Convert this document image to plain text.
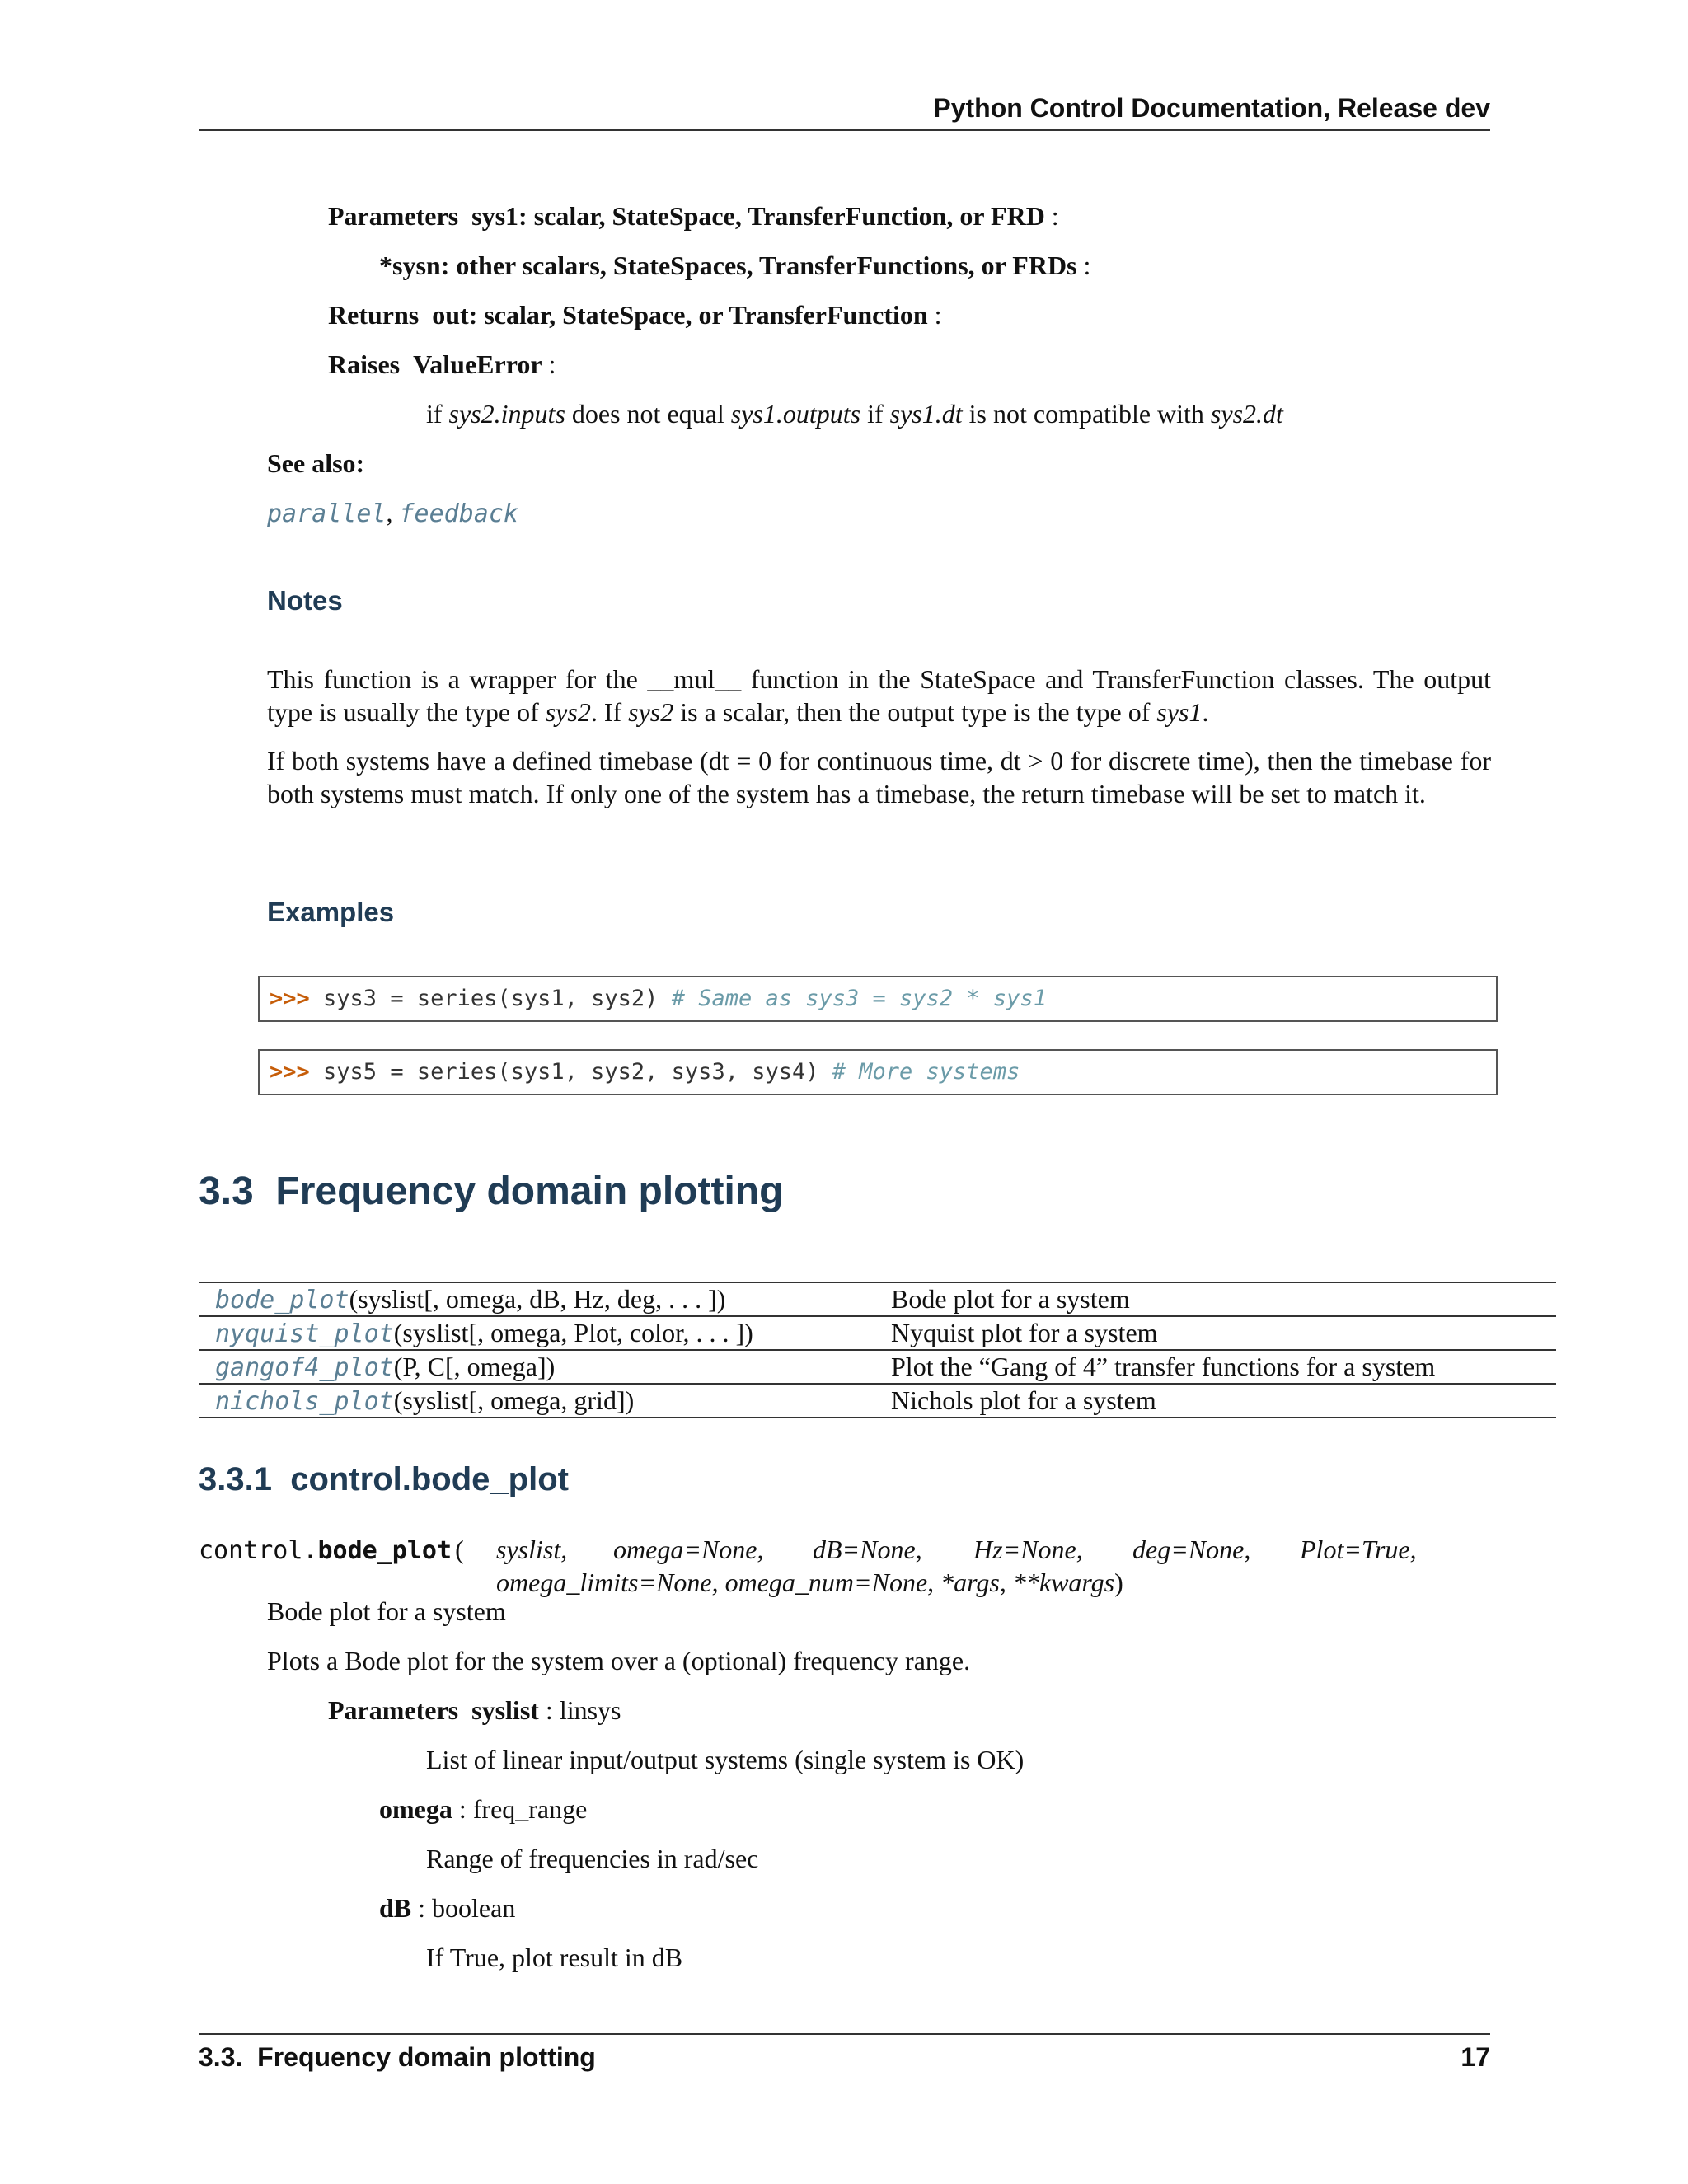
Python Control Documentation, Release dev
Parameters sys1: scalar, StateSpace, TransferFunction, or FRD :
*sysn: other scalars, StateSpaces, TransferFunctions, or FRDs :
Returns out: scalar, StateSpace, or TransferFunction :
Raises ValueError :
if sys2.inputs does not equal sys1.outputs if sys1.dt is not compatible with sys2.dt
See also:
parallel, feedback
Notes
This function is a wrapper for the __mul__ function in the StateSpace and TransferFunction classes. The output type is usually the type of sys2. If sys2 is a scalar, then the output type is the type of sys1.
If both systems have a defined timebase (dt = 0 for continuous time, dt > 0 for discrete time), then the timebase for both systems must match. If only one of the system has a timebase, the return timebase will be set to match it.
Examples
>>> sys3 = series(sys1, sys2) # Same as sys3 = sys2 * sys1
>>> sys5 = series(sys1, sys2, sys3, sys4) # More systems
3.3 Frequency domain plotting
bode_plot(syslist[, omega, dB, Hz, deg, . . . ])	Bode plot for a system
nyquist_plot(syslist[, omega, Plot, color, . . . ])	Nyquist plot for a system
gangof4_plot(P, C[, omega])	Plot the “Gang of 4” transfer functions for a system
nichols_plot(syslist[, omega, grid])	Nichols plot for a system
3.3.1 control.bode_plot
control.bode_plot ( syslist, omega=None, dB=None, Hz=None, deg=None, Plot=True,
omega_limits=None, omega_num=None, *args, **kwargs)
Bode plot for a system
Plots a Bode plot for the system over a (optional) frequency range.
Parameters syslist : linsys
List of linear input/output systems (single system is OK)
omega : freq_range
Range of frequencies in rad/sec
dB : boolean
If True, plot result in dB
3.3.  Frequency domain plotting	17
